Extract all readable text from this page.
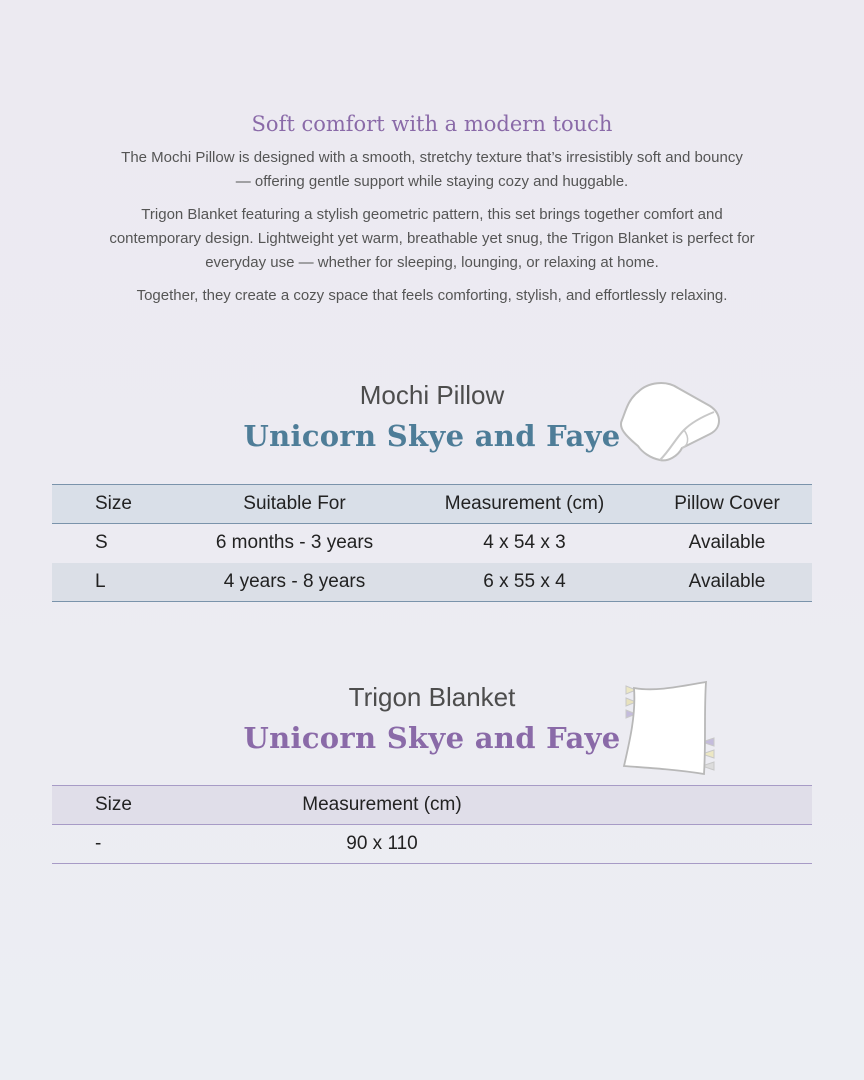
Soft comfort with a modern touch

The Mochi Pillow is designed with a smooth, stretchy texture that’s irresistibly soft and bouncy — offering gentle support while staying cozy and huggable.

Trigon Blanket featuring a stylish geometric pattern, this set brings together comfort and contemporary design. Lightweight yet warm, breathable yet snug, the Trigon Blanket is perfect for everyday use — whether for sleeping, lounging, or relaxing at home.

Together, they create a cozy space that feels comforting, stylish, and effortlessly relaxing.

Mochi Pillow
Unicorn Skye and Faye
Size	Suitable For	Measurement (cm)	Pillow Cover
S	6 months - 3 years	4 x 54 x 3	Available
L	4 years - 8 years	6 x 55 x 4	Available
Trigon Blanket
Unicorn Skye and Faye
Size	Measurement (cm)	
-	90 x 110	
